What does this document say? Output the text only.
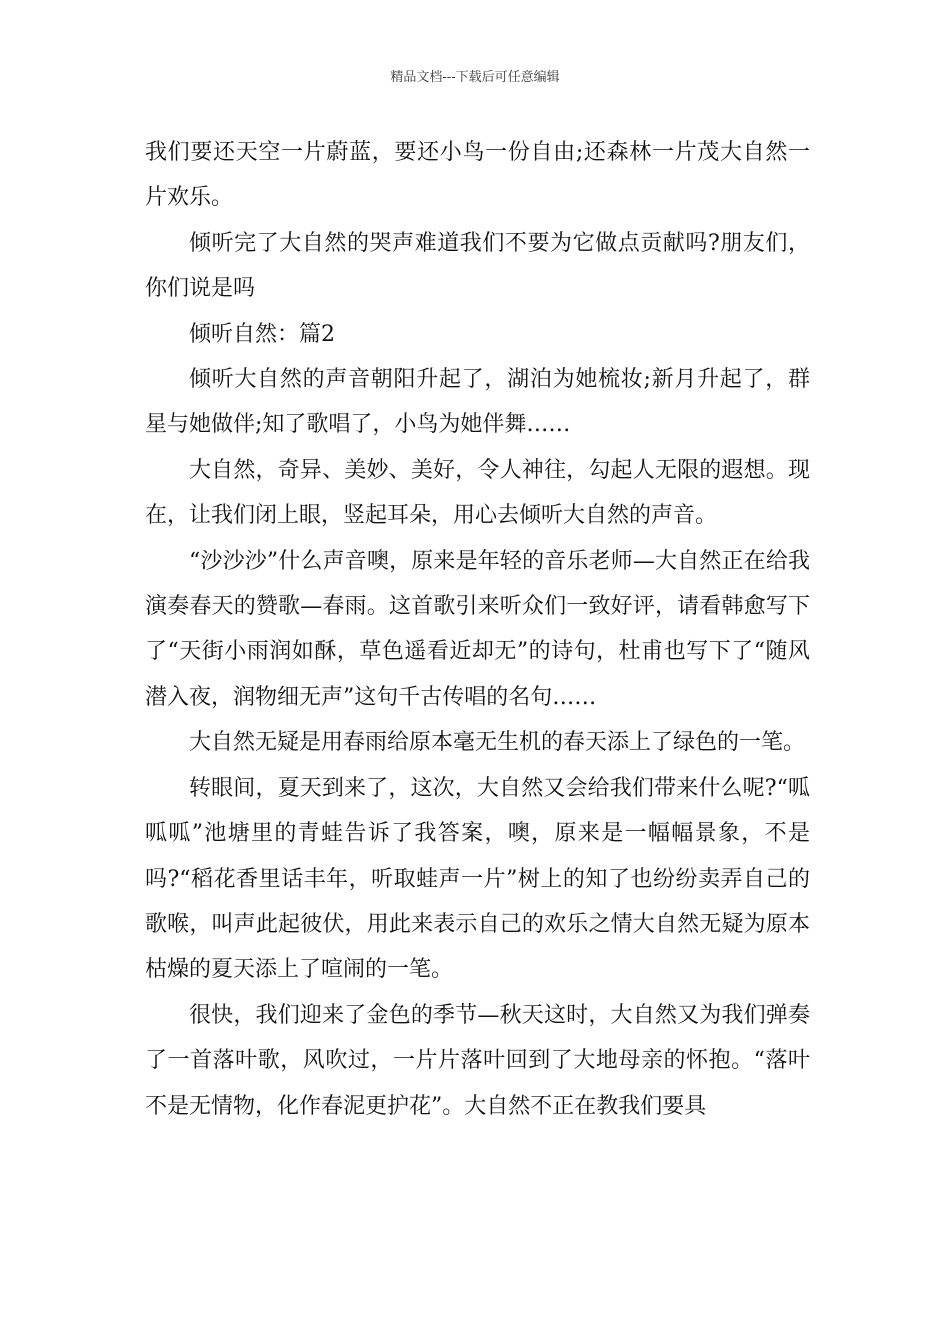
精品文档---下载后可任意编辑

我们要还天空一片蔚蓝，要还小鸟一份自由;还森林一片茂大自然一片欢乐。

倾听完了大自然的哭声难道我们不要为它做点贡献吗?朋友们，你们说是吗

倾听自然：篇2

倾听大自然的声音朝阳升起了，湖泊为她梳妆;新月升起了，群星与她做伴;知了歌唱了，小鸟为她伴舞……

大自然，奇异、美妙、美好，令人神往，勾起人无限的遐想。现在，让我们闭上眼，竖起耳朵，用心去倾听大自然的声音。

“沙沙沙”什么声音噢，原来是年轻的音乐老师—大自然正在给我演奏春天的赞歌—春雨。这首歌引来听众们一致好评，请看韩愈写下了“天街小雨润如酥，草色遥看近却无”的诗句，杜甫也写下了“随风潜入夜，润物细无声”这句千古传唱的名句……

大自然无疑是用春雨给原本毫无生机的春天添上了绿色的一笔。

转眼间，夏天到来了，这次，大自然又会给我们带来什么呢?“呱呱呱”池塘里的青蛙告诉了我答案，噢，原来是一幅幅景象，不是吗?“稻花香里话丰年，听取蛙声一片”树上的知了也纷纷卖弄自己的歌喉，叫声此起彼伏，用此来表示自己的欢乐之情大自然无疑为原本枯燥的夏天添上了喧闹的一笔。

很快，我们迎来了金色的季节—秋天这时，大自然又为我们弹奏了一首落叶歌，风吹过，一片片落叶回到了大地母亲的怀抱。“落叶不是无情物，化作春泥更护花”。大自然不正在教我们要具
